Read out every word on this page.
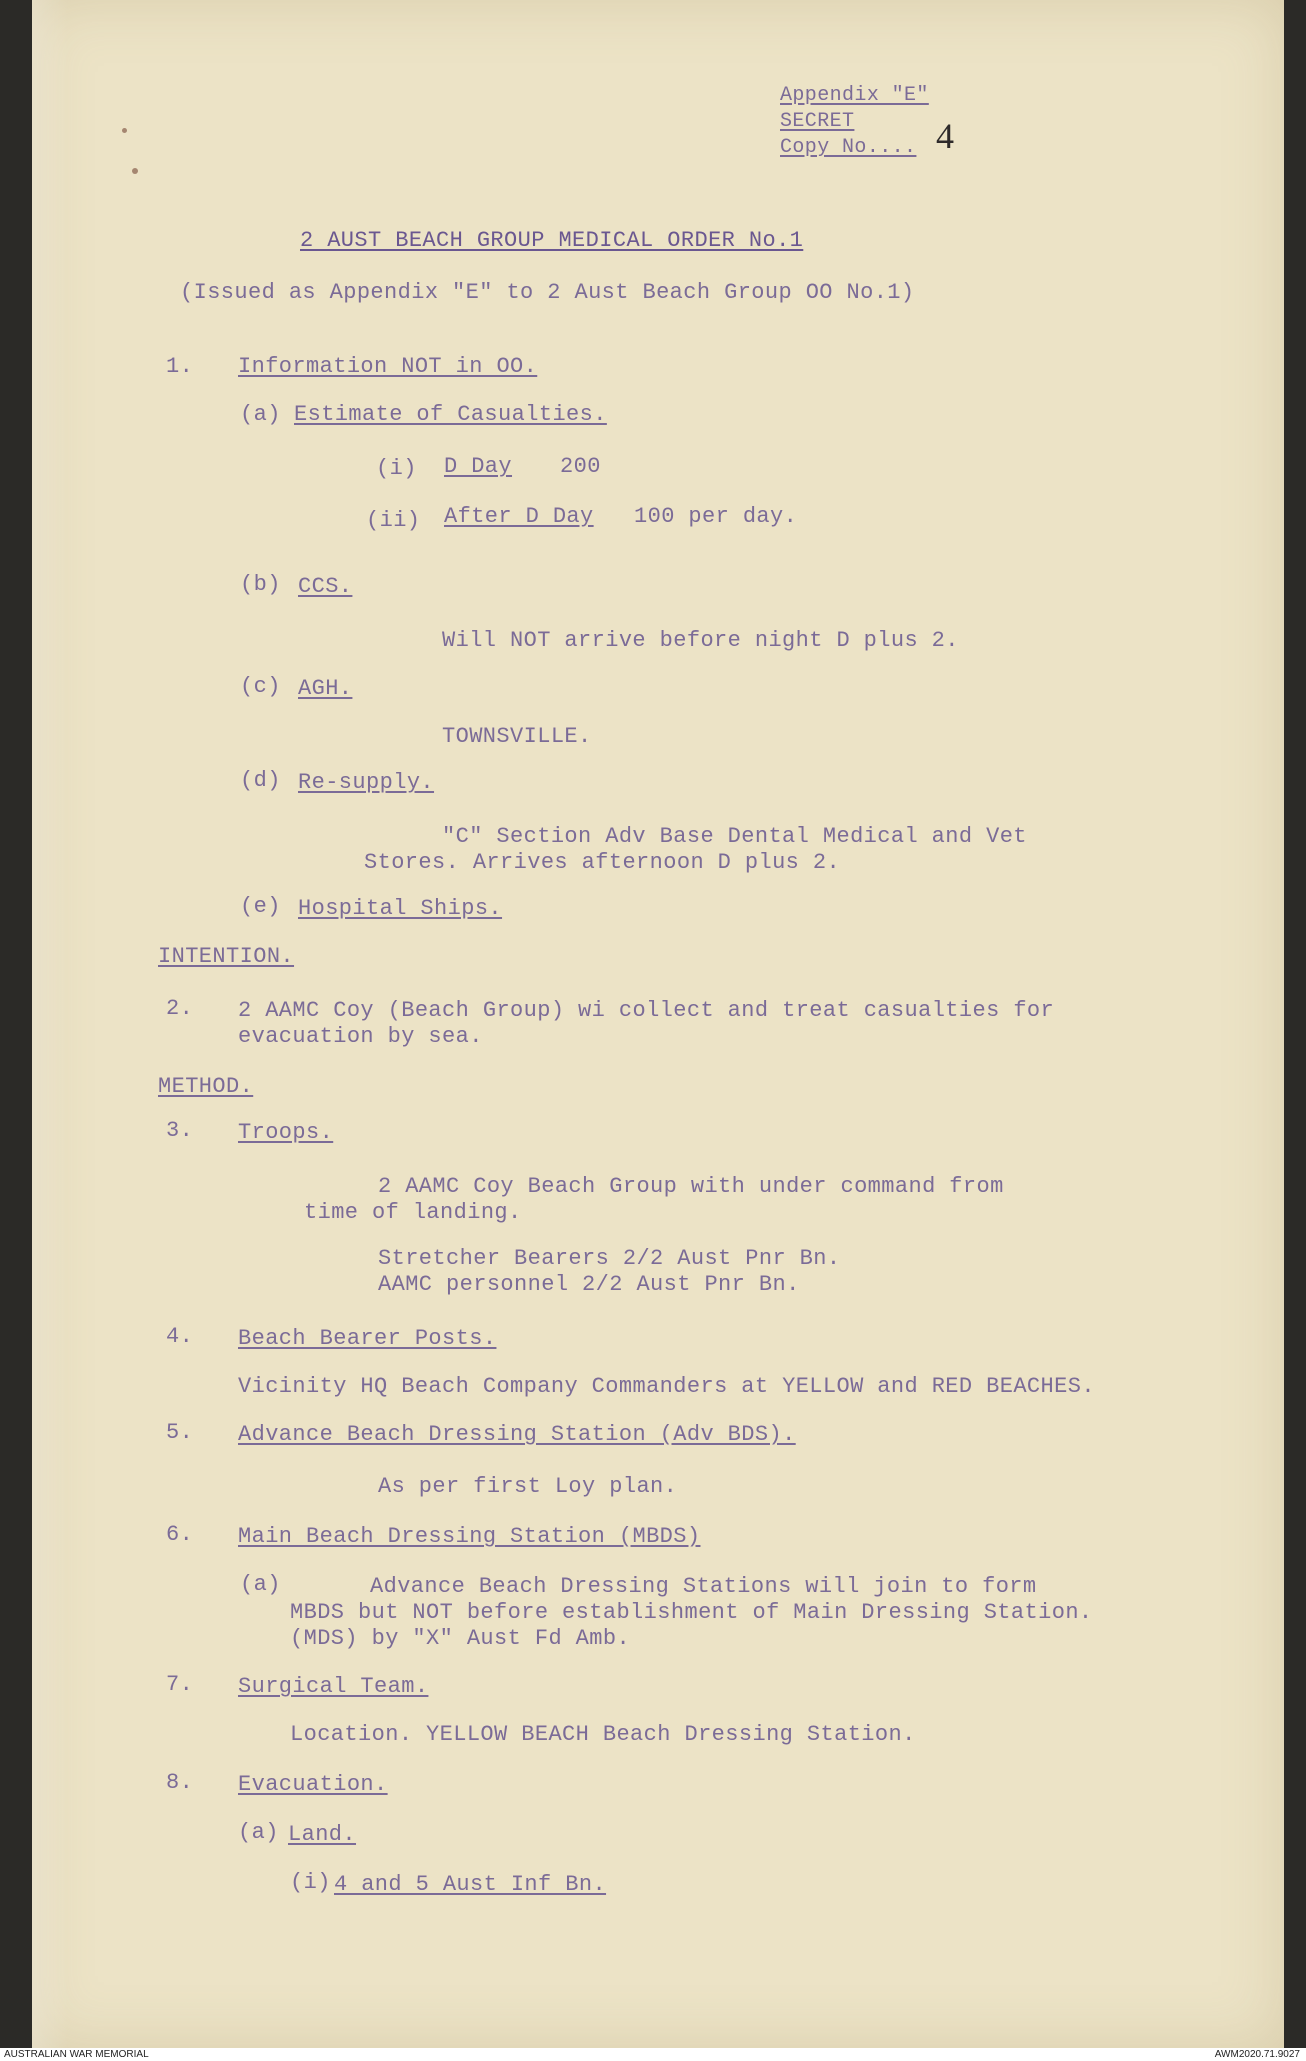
Appendix "E"
SECRET
Copy No.... 4
2 AUST BEACH GROUP MEDICAL ORDER No.1
(Issued as Appendix "E" to 2 Aust Beach Group OO No.1)
1. Information NOT in OO.
(a) Estimate of Casualties.
(i) D Day 200
(ii) After D Day 100 per day.
(b) CCS.
Will NOT arrive before night D plus 2.
(c) AGH.
TOWNSVILLE.
(d) Re-supply.
"C" Section Adv Base Dental Medical and Vet
Stores. Arrives afternoon D plus 2.
(e) Hospital Ships.
INTENTION.
2. 2 AAMC Coy (Beach Group) wi collect and treat casualties for
evacuation by sea.
METHOD.
3. Troops.
2 AAMC Coy Beach Group with under command from
time of landing.
Stretcher Bearers 2/2 Aust Pnr Bn.
AAMC personnel 2/2 Aust Pnr Bn.
4. Beach Bearer Posts.
Vicinity HQ Beach Company Commanders at YELLOW and RED BEACHES.
5. Advance Beach Dressing Station (Adv BDS).
As per first Loy plan.
6. Main Beach Dressing Station (MBDS)
(a)	Advance Beach Dressing Stations will join to form
MBDS but NOT before establishment of Main Dressing Station.
(MDS) by "X" Aust Fd Amb.
7. Surgical Team.
Location. YELLOW BEACH Beach Dressing Station.
8. Evacuation.
(a) Land.
(i) 4 and 5 Aust Inf Bn.
AUSTRALIAN WAR MEMORIAL	AWM2020.71.9027
